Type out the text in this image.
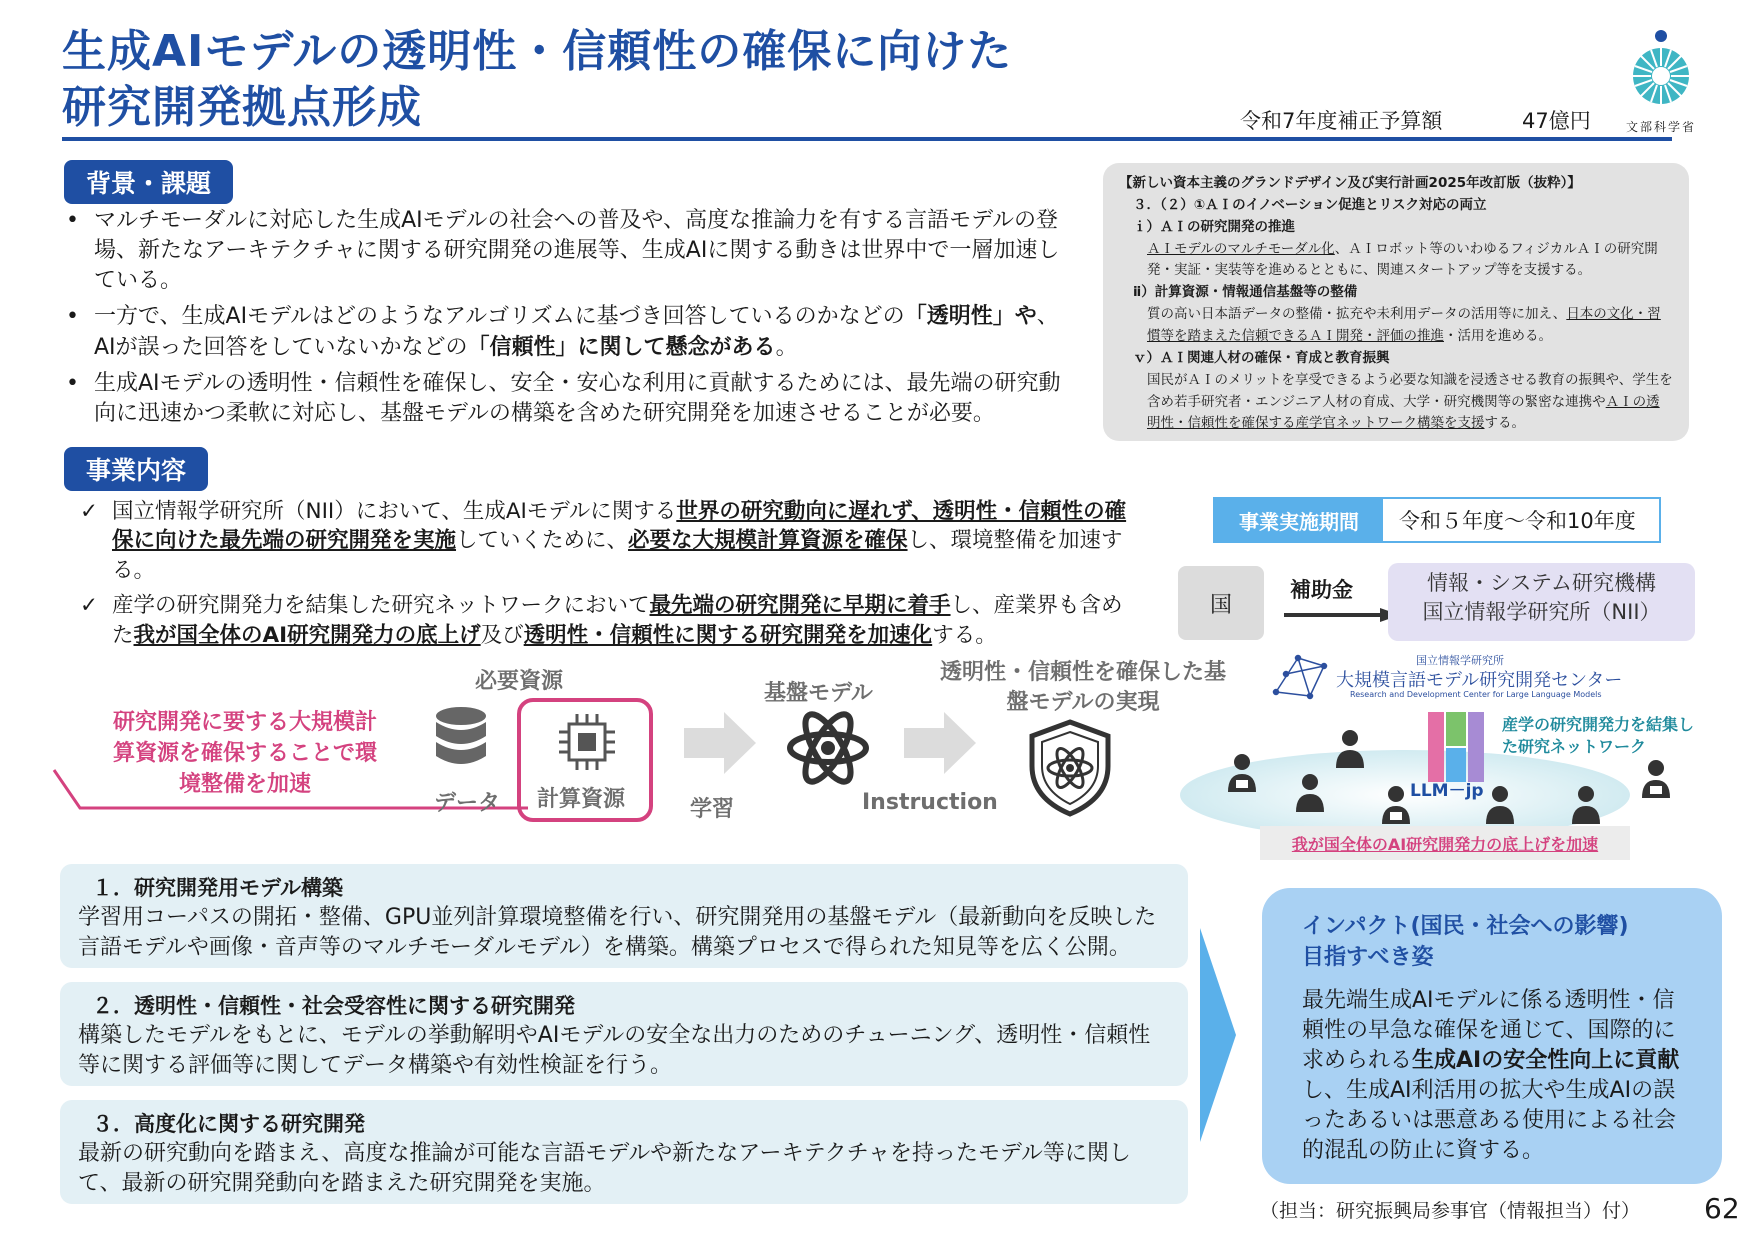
生成AIモデルの透明性・信頼性の確保に向けた
研究開発拠点形成	令和7年度補正予算額	47億円	文部科学省
背景・課題
• マルチモーダルに対応した生成AIモデルの社会への普及や、高度な推論力を有する言語モデルの登場、新たなアーキテクチャに関する研究開発の進展等、生成AIに関する動きは世界中で一層加速している。
• 一方で、生成AIモデルはどのようなアルゴリズムに基づき回答しているのかなどの「透明性」や、AIが誤った回答をしていないかなどの「信頼性」に関して懸念がある。
• 生成AIモデルの透明性・信頼性を確保し、安全・安心な利用に貢献するためには、最先端の研究動向に迅速かつ柔軟に対応し、基盤モデルの構築を含めた研究開発を加速させることが必要。
【新しい資本主義のグランドデザイン及び実行計画2025年改訂版（抜粋）】
３．（２）①ＡＩのイノベーション促進とリスク対応の両立
ｉ）ＡＩの研究開発の推進
ＡＩモデルのマルチモーダル化、ＡＩロボット等のいわゆるフィジカルＡＩの研究開発・実証・実装等を進めるとともに、関連スタートアップ等を支援する。
ⅱ）計算資源・情報通信基盤等の整備
質の高い日本語データの整備・拡充や未利用データの活用等に加え、日本の文化・習慣等を踏まえた信頼できるＡＩ開発・評価の推進・活用を進める。
ｖ）ＡＩ関連人材の確保・育成と教育振興
国民がＡＩのメリットを享受できるよう必要な知識を浸透させる教育の振興や、学生を含め若手研究者・エンジニア人材の育成、大学・研究機関等の緊密な連携やＡＩの透明性・信頼性を確保する産学官ネットワーク構築を支援する。
事業内容
✓ 国立情報学研究所（NII）において、生成AIモデルに関する世界の研究動向に遅れず、透明性・信頼性の確保に向けた最先端の研究開発を実施していくために、必要な大規模計算資源を確保し、環境整備を加速する。
✓ 産学の研究開発力を結集した研究ネットワークにおいて最先端の研究開発に早期に着手し、産業界も含めた我が国全体のAI研究開発力の底上げ及び透明性・信頼性に関する研究開発を加速化する。
研究開発に要する大規模計算資源を確保することで環境整備を加速
必要資源
データ 計算資源	学習
基盤モデル
Instruction
透明性・信頼性を確保した基盤モデルの実現
事業実施期間	令和５年度～令和10年度
国
補助金	情報・システム研究機構
国立情報学研究所（NII）
国立情報学研究所
大規模言語モデル研究開発センター
Research and Development Center for Large Language Models
LLM－jp
産学の研究開発力を結集した研究ネットワーク
我が国全体のAI研究開発力の底上げを加速
１．研究開発用モデル構築
学習用コーパスの開拓・整備、GPU並列計算環境整備を行い、研究開発用の基盤モデル（最新動向を反映した言語モデルや画像・音声等のマルチモーダルモデル）を構築。構築プロセスで得られた知見等を広く公開。
２．透明性・信頼性・社会受容性に関する研究開発
構築したモデルをもとに、モデルの挙動解明やAIモデルの安全な出力のためのチューニング、透明性・信頼性等に関する評価等に関してデータ構築や有効性検証を行う。
３．高度化に関する研究開発
最新の研究動向を踏まえ、高度な推論が可能な言語モデルや新たなアーキテクチャを持ったモデル等に関して、最新の研究開発動向を踏まえた研究開発を実施。
インパクト(国民・社会への影響)
目指すべき姿
最先端生成AIモデルに係る透明性・信頼性の早急な確保を通じて、国際的に求められる生成AIの安全性向上に貢献し、生成AI利活用の拡大や生成AIの誤ったあるいは悪意ある使用による社会的混乱の防止に資する。
（担当：研究振興局参事官（情報担当）付） 62
